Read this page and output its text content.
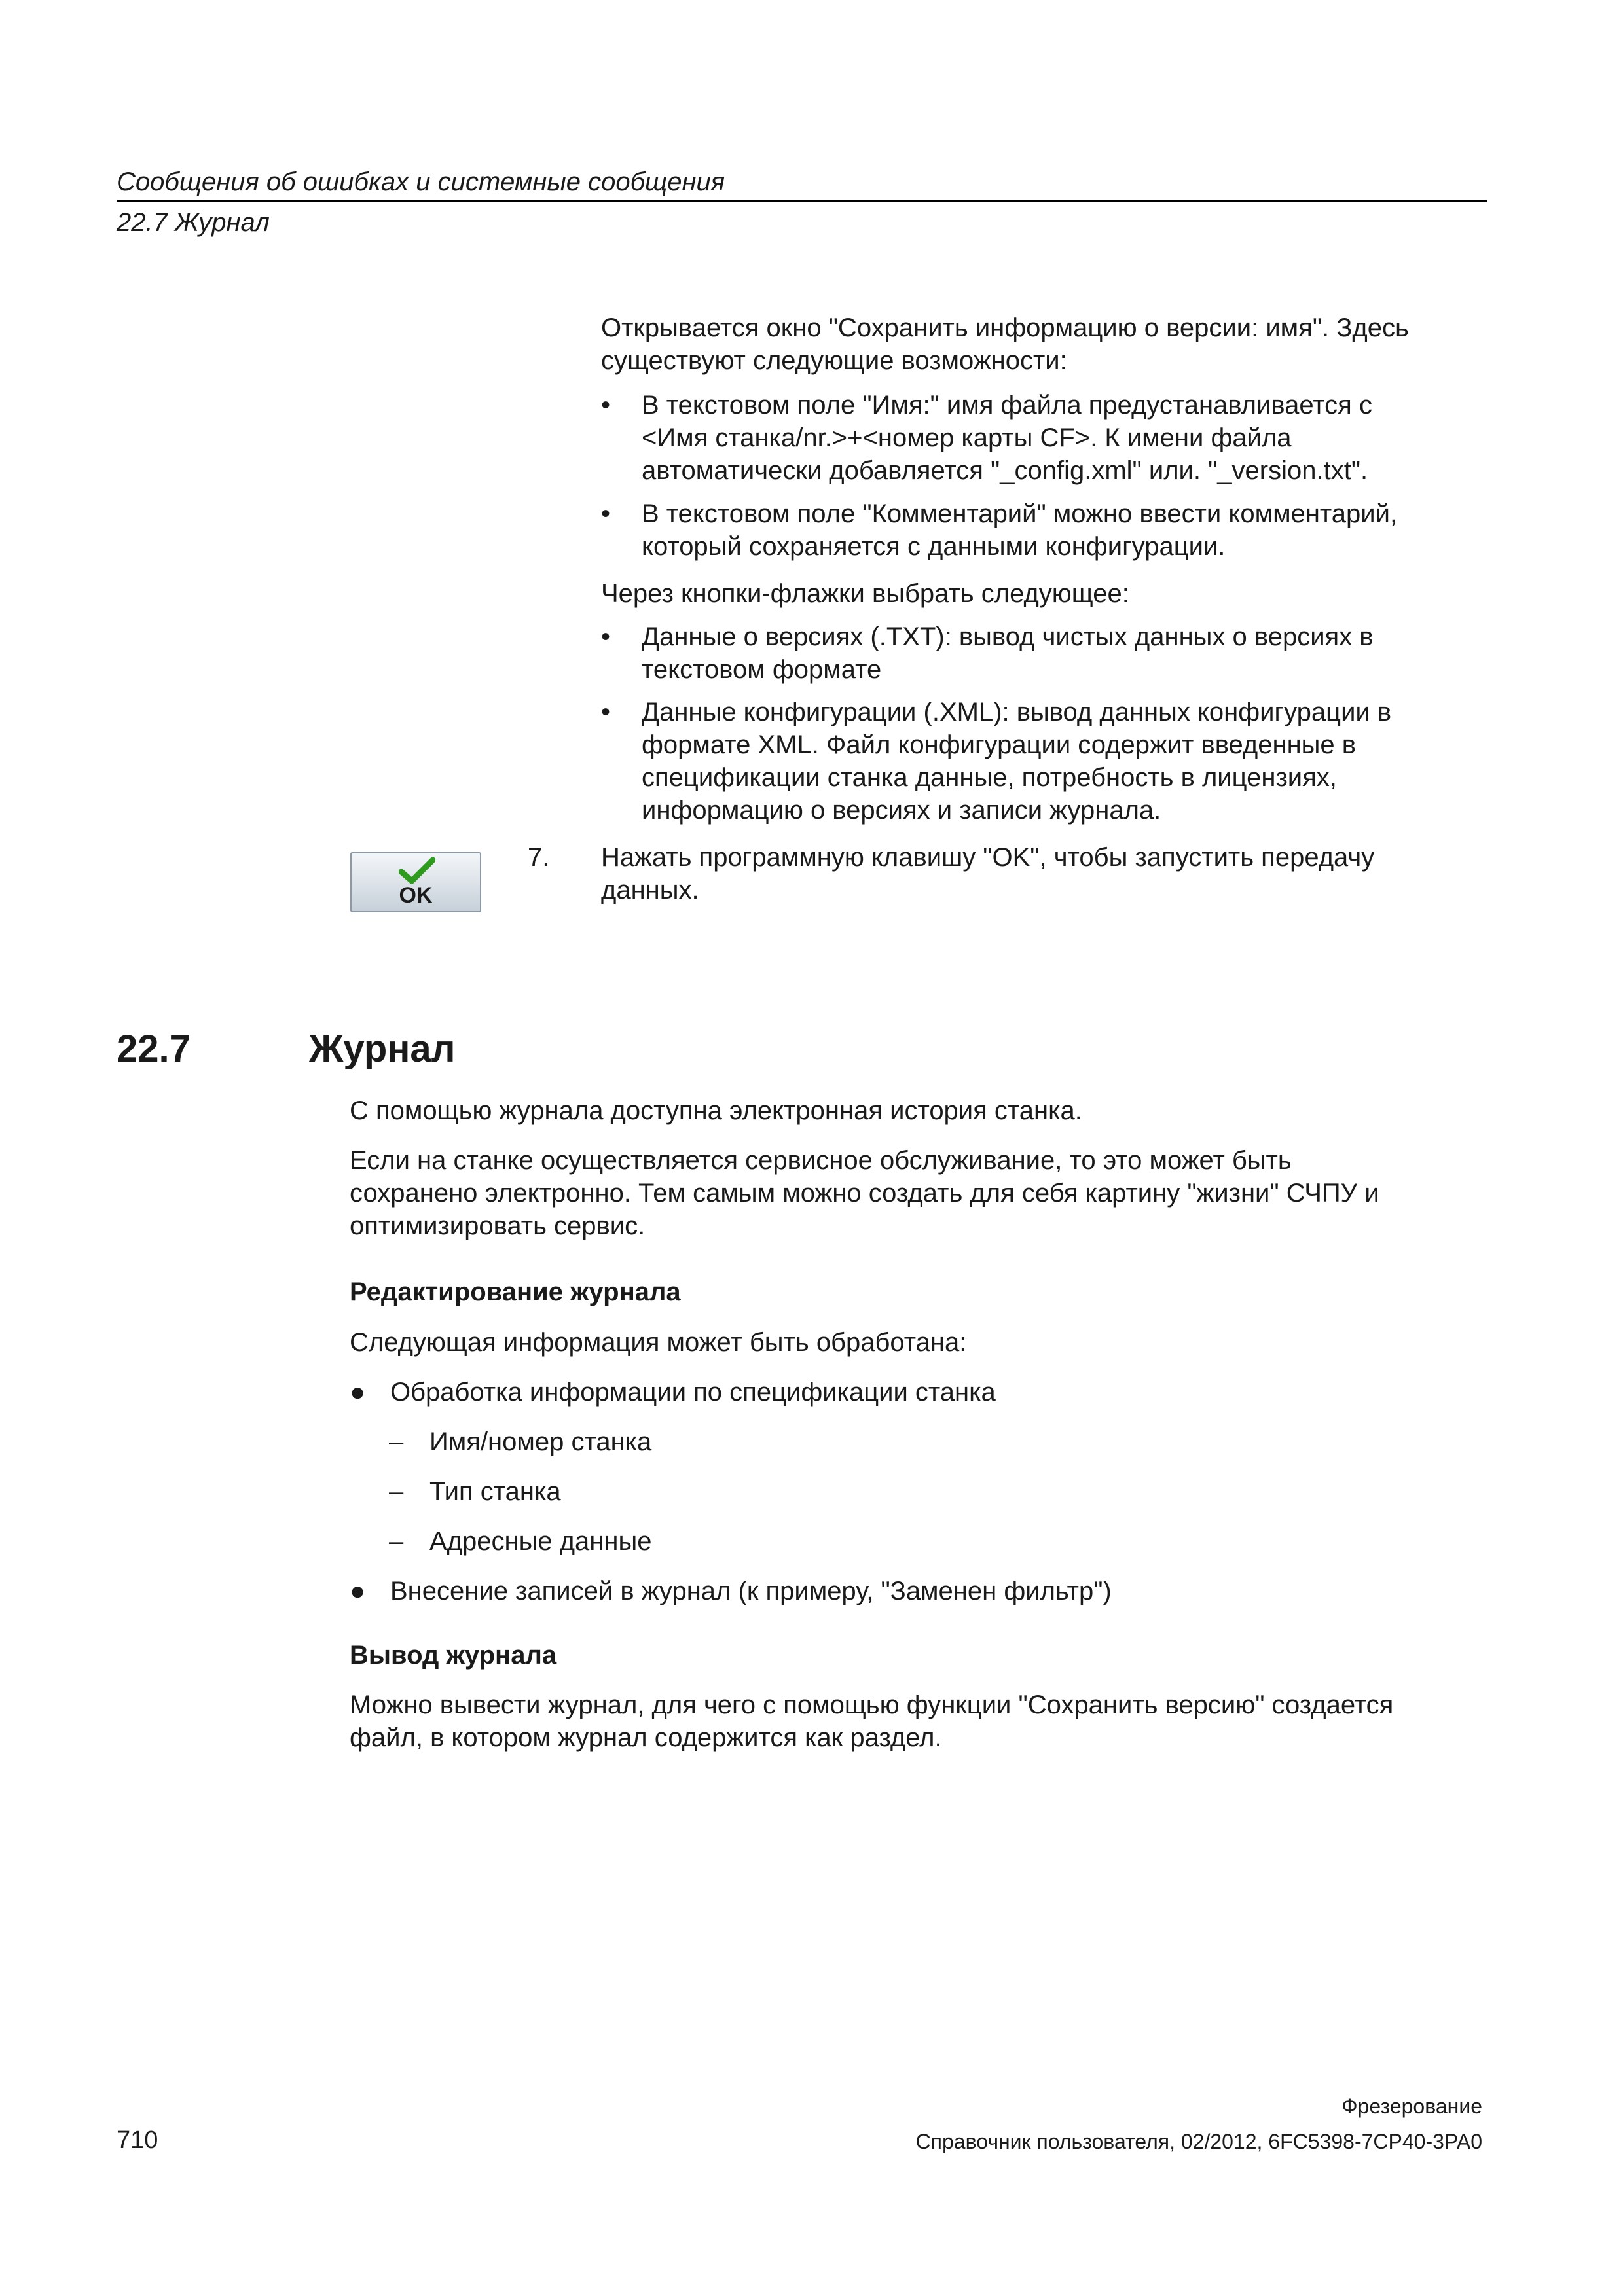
Сообщения об ошибках и системные сообщения
22.7 Журнал
Открывается окно "Сохранить информацию о версии: имя". Здесь
существуют следующие возможности:
•	В текстовом поле "Имя:" имя файла предустанавливается с
<Имя станка/nr.>+<номер карты CF>. К имени файла
автоматически добавляется "_config.xml" или. "_version.txt".
•	В текстовом поле "Комментарий" можно ввести комментарий,
который сохраняется с данными конфигурации.
Через кнопки-флажки выбрать следующее:
•	Данные о версиях (.TXT): вывод чистых данных о версиях в
текстовом формате
•	Данные конфигурации (.XML): вывод данных конфигурации в
формате XML. Файл конфигурации содержит введенные в
спецификации станка данные, потребность в лицензиях,
информацию о версиях и записи журнала.
OK
7. Нажать программную клавишу "OK", чтобы запустить передачу
данных.
22.7	Журнал
С помощью журнала доступна электронная история станка.
Если на станке осуществляется сервисное обслуживание, то это может быть
сохранено электронно. Тем самым можно создать для себя картину "жизни" СЧПУ и
оптимизировать сервис.
Редактирование журнала
Следующая информация может быть обработана:
● Обработка информации по спецификации станка
– Имя/номер станка
– Тип станка
– Адресные данные
● Внесение записей в журнал (к примеру, "Заменен фильтр")
Вывод журнала
Можно вывести журнал, для чего с помощью функции "Сохранить версию" создается
файл, в котором журнал содержится как раздел.
Фрезерование
Справочник пользователя, 02/2012, 6FC5398-7CP40-3PA0
710
